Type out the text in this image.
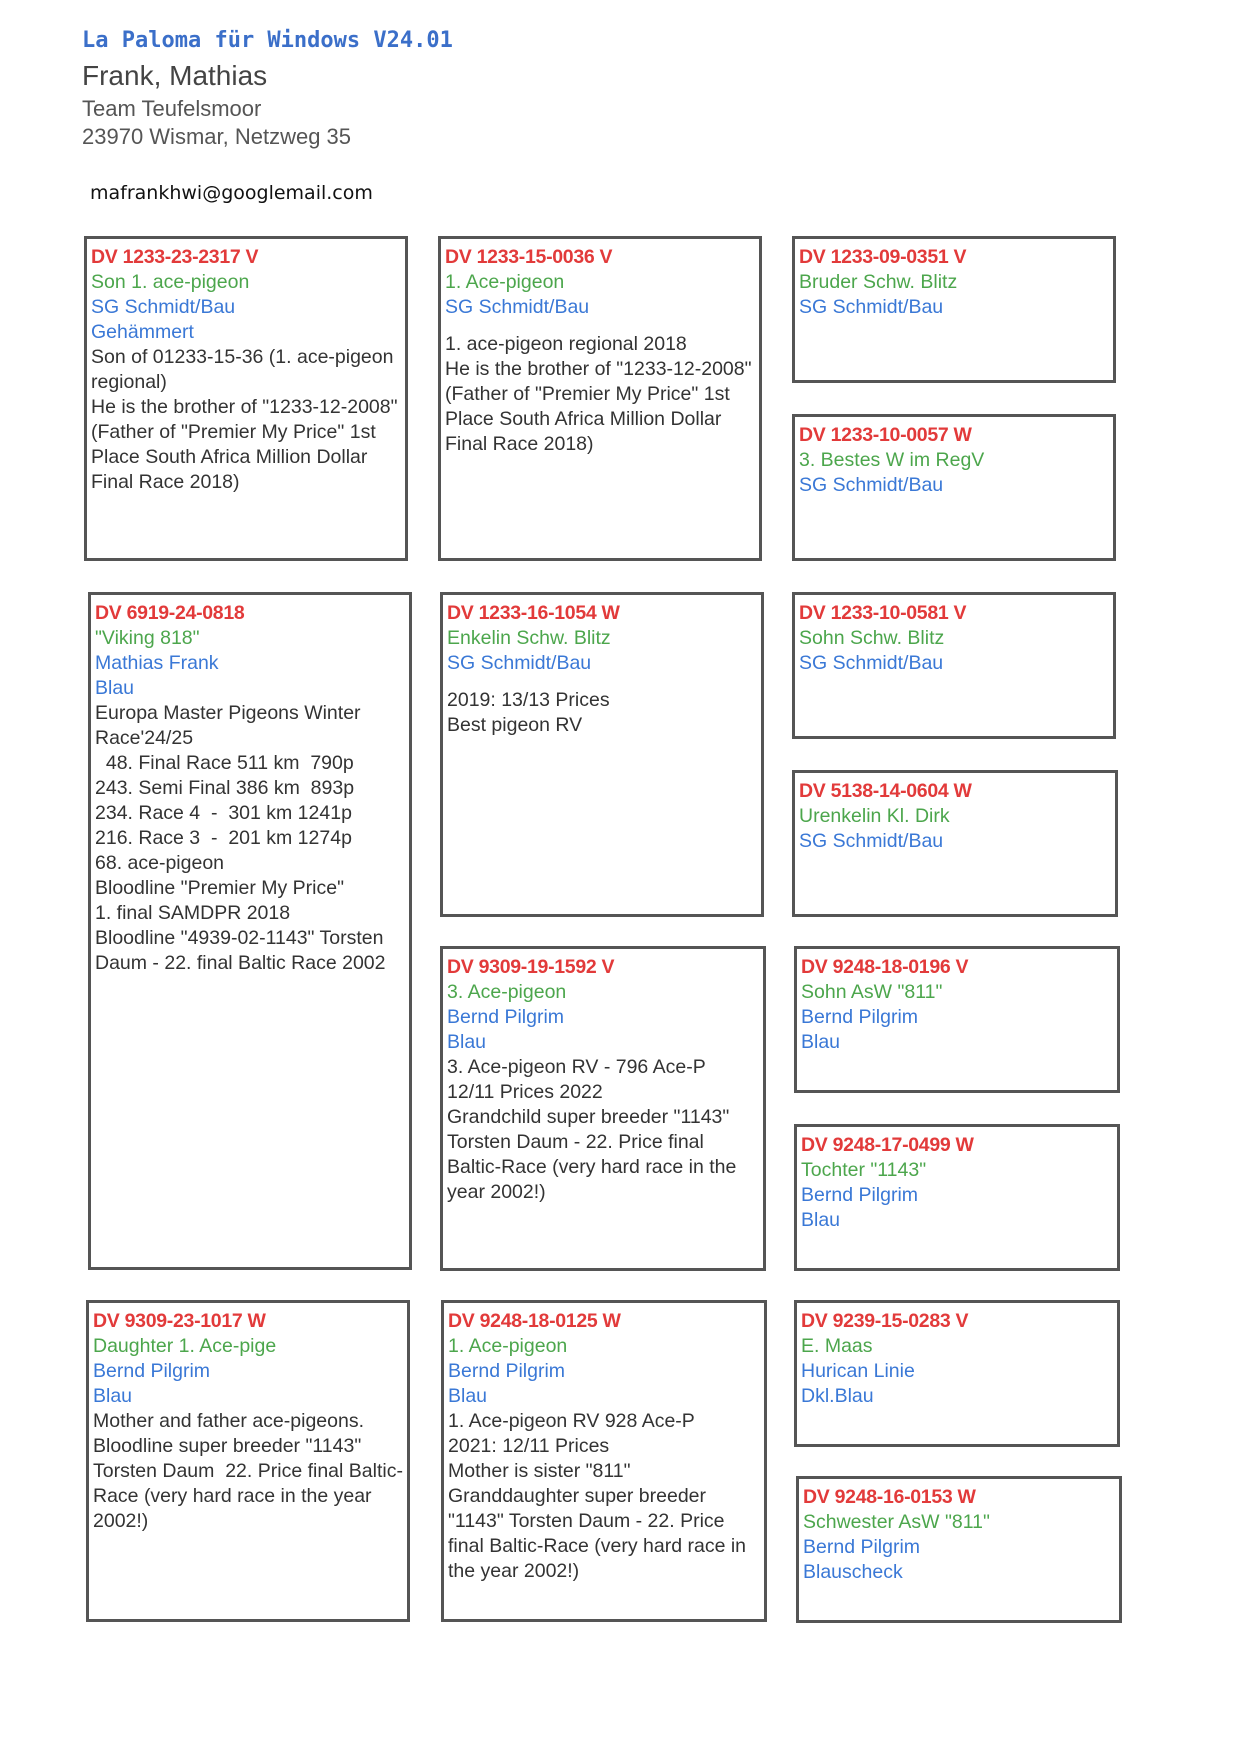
La Paloma für Windows V24.01
Frank, Mathias
Team Teufelsmoor
23970 Wismar, Netzweg 35
mafrankhwi@googlemail.com
DV 1233-23-2317 V
Son 1. ace-pigeon
SG Schmidt/Bau
Gehämmert
Son of 01233-15-36 (1. ace-pigeon regional)
He is the brother of "1233-12-2008" (Father of "Premier My Price" 1st Place South Africa Million Dollar Final Race 2018)
DV 6919-24-0818
"Viking 818"
Mathias Frank
Blau
Europa Master Pigeons Winter Race'24/25
48. Final Race 511 km  790p
243. Semi Final 386 km  893p
234. Race 4  -  301 km 1241p
216. Race 3  -  201 km 1274p
68. ace-pigeon
Bloodline "Premier My Price"
1. final SAMDPR 2018
Bloodline "4939-02-1143" Torsten Daum - 22. final Baltic Race 2002
DV 9309-23-1017 W
Daughter 1. Ace-pige
Bernd Pilgrim
Blau
Mother and father ace-pigeons.
Bloodline super breeder "1143" Torsten Daum  22. Price final Baltic-Race (very hard race in the year 2002!)
DV 1233-15-0036 V
1. Ace-pigeon
SG Schmidt/Bau
1. ace-pigeon regional 2018
He is the brother of "1233-12-2008" (Father of "Premier My Price" 1st Place South Africa Million Dollar Final Race 2018)
DV 1233-16-1054 W
Enkelin Schw. Blitz
SG Schmidt/Bau
2019: 13/13 Prices
Best pigeon RV
DV 9309-19-1592 V
3. Ace-pigeon
Bernd Pilgrim
Blau
3. Ace-pigeon RV - 796 Ace-P
12/11 Prices 2022
Grandchild super breeder "1143" Torsten Daum - 22. Price final Baltic-Race (very hard race in the year 2002!)
DV 9248-18-0125 W
1. Ace-pigeon
Bernd Pilgrim
Blau
1. Ace-pigeon RV 928 Ace-P
2021: 12/11 Prices
Mother is sister "811"
Granddaughter super breeder "1143" Torsten Daum - 22. Price final Baltic-Race (very hard race in the year 2002!)
DV 1233-09-0351 V
Bruder Schw. Blitz
SG Schmidt/Bau
DV 1233-10-0057 W
3. Bestes W im RegV
SG Schmidt/Bau
DV 1233-10-0581 V
Sohn Schw. Blitz
SG Schmidt/Bau
DV 5138-14-0604 W
Urenkelin Kl. Dirk
SG Schmidt/Bau
DV 9248-18-0196 V
Sohn AsW "811"
Bernd Pilgrim
Blau
DV 9248-17-0499 W
Tochter "1143"
Bernd Pilgrim
Blau
DV 9239-15-0283 V
E. Maas
Hurican Linie
Dkl.Blau
DV 9248-16-0153 W
Schwester AsW "811"
Bernd Pilgrim
Blauscheck
